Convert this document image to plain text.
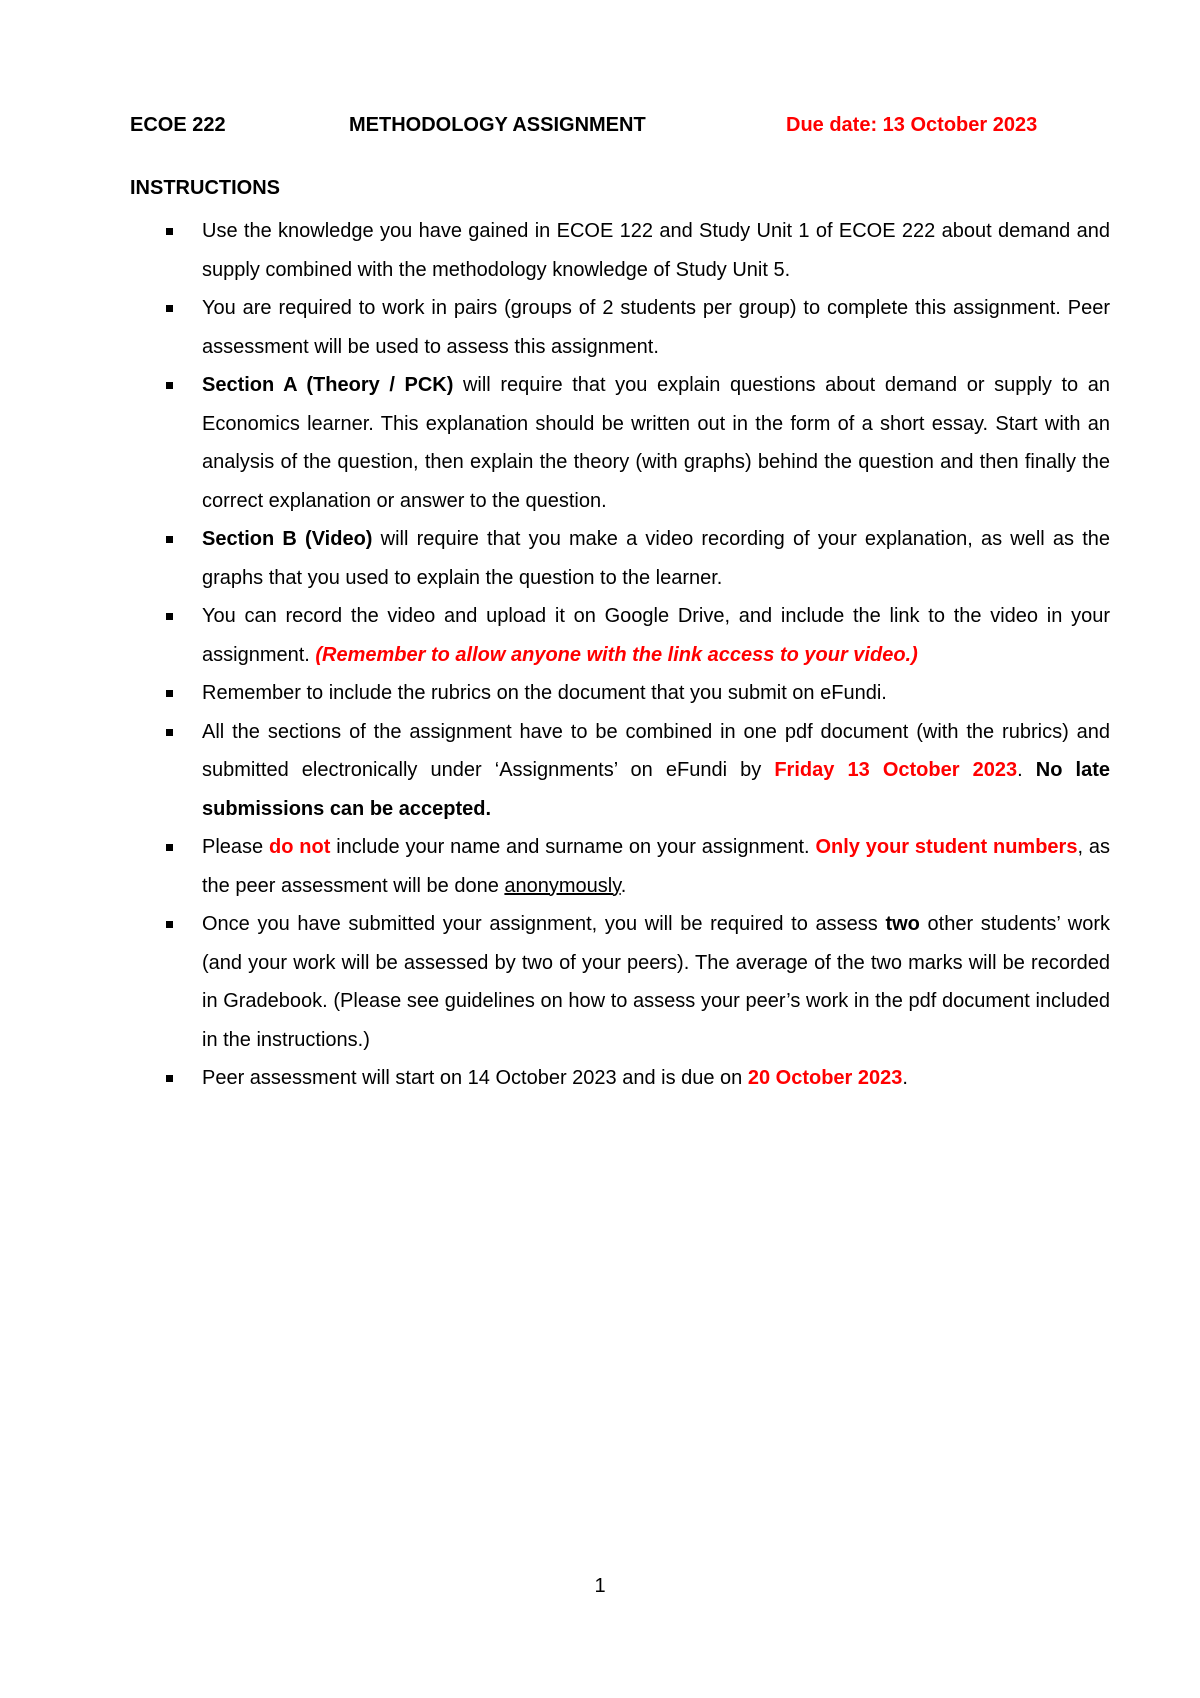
ECOE 222	METHODOLOGY ASSIGNMENT	Due date: 13 October 2023
INSTRUCTIONS
Use the knowledge you have gained in ECOE 122 and Study Unit 1 of ECOE 222 about demand and supply combined with the methodology knowledge of Study Unit 5.
You are required to work in pairs (groups of 2 students per group) to complete this assignment. Peer assessment will be used to assess this assignment.
Section A (Theory / PCK) will require that you explain questions about demand or supply to an Economics learner. This explanation should be written out in the form of a short essay. Start with an analysis of the question, then explain the theory (with graphs) behind the question and then finally the correct explanation or answer to the question.
Section B (Video) will require that you make a video recording of your explanation, as well as the graphs that you used to explain the question to the learner.
You can record the video and upload it on Google Drive, and include the link to the video in your assignment. (Remember to allow anyone with the link access to your video.)
Remember to include the rubrics on the document that you submit on eFundi.
All the sections of the assignment have to be combined in one pdf document (with the rubrics) and submitted electronically under ‘Assignments’ on eFundi by Friday 13 October 2023. No late submissions can be accepted.
Please do not include your name and surname on your assignment. Only your student numbers, as the peer assessment will be done anonymously.
Once you have submitted your assignment, you will be required to assess two other students’ work (and your work will be assessed by two of your peers). The average of the two marks will be recorded in Gradebook. (Please see guidelines on how to assess your peer’s work in the pdf document included in the instructions.)
Peer assessment will start on 14 October 2023 and is due on 20 October 2023.
1
